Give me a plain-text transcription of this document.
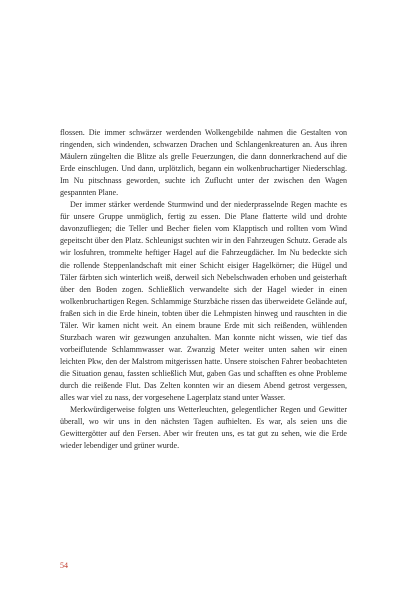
flossen. Die immer schwärzer werdenden Wolkengebilde nahmen die Gestalten von ringenden, sich windenden, schwarzen Drachen und Schlangenkreaturen an. Aus ihren Mäulern züngelten die Blitze als grelle Feuerzungen, die dann donnerkrachend auf die Erde einschlugen. Und dann, urplötzlich, begann ein wolkenbruchartiger Niederschlag. Im Nu pitschnass geworden, suchte ich Zuflucht unter der zwischen den Wagen gespannten Plane.

Der immer stärker werdende Sturmwind und der niederprasselnde Regen machte es für unsere Gruppe unmöglich, fertig zu essen. Die Plane flatterte wild und drohte davonzufliegen; die Teller und Becher fielen vom Klapptisch und rollten vom Wind gepeitscht über den Platz. Schleunigst suchten wir in den Fahrzeugen Schutz. Gerade als wir losfuhren, trommelte heftiger Hagel auf die Fahrzeugdächer. Im Nu bedeckte sich die rollende Steppenlandschaft mit einer Schicht eisiger Hagelkörner; die Hügel und Täler färbten sich winterlich weiß, derweil sich Nebelschwaden erhoben und geisterhaft über den Boden zogen. Schließlich verwandelte sich der Hagel wieder in einen wolkenbruchartigen Regen. Schlammige Sturzbäche rissen das überweidete Gelände auf, fraßen sich in die Erde hinein, tobten über die Lehmpisten hinweg und rauschten in die Täler. Wir kamen nicht weit. An einem braune Erde mit sich reißenden, wühlenden Sturzbach waren wir gezwungen anzuhalten. Man konnte nicht wissen, wie tief das vorbeiflutende Schlammwasser war. Zwanzig Meter weiter unten sahen wir einen leichten Pkw, den der Malstrom mitgerissen hatte. Unsere stoischen Fahrer beobachteten die Situation genau, fassten schließlich Mut, gaben Gas und schafften es ohne Probleme durch die reißende Flut. Das Zelten konnten wir an diesem Abend getrost vergessen, alles war viel zu nass, der vorgesehene Lagerplatz stand unter Wasser.

Merkwürdigerweise folgten uns Wetterleuchten, gelegentlicher Regen und Gewitter überall, wo wir uns in den nächsten Tagen aufhielten. Es war, als seien uns die Gewittergötter auf den Fersen. Aber wir freuten uns, es tat gut zu sehen, wie die Erde wieder lebendiger und grüner wurde.

54
